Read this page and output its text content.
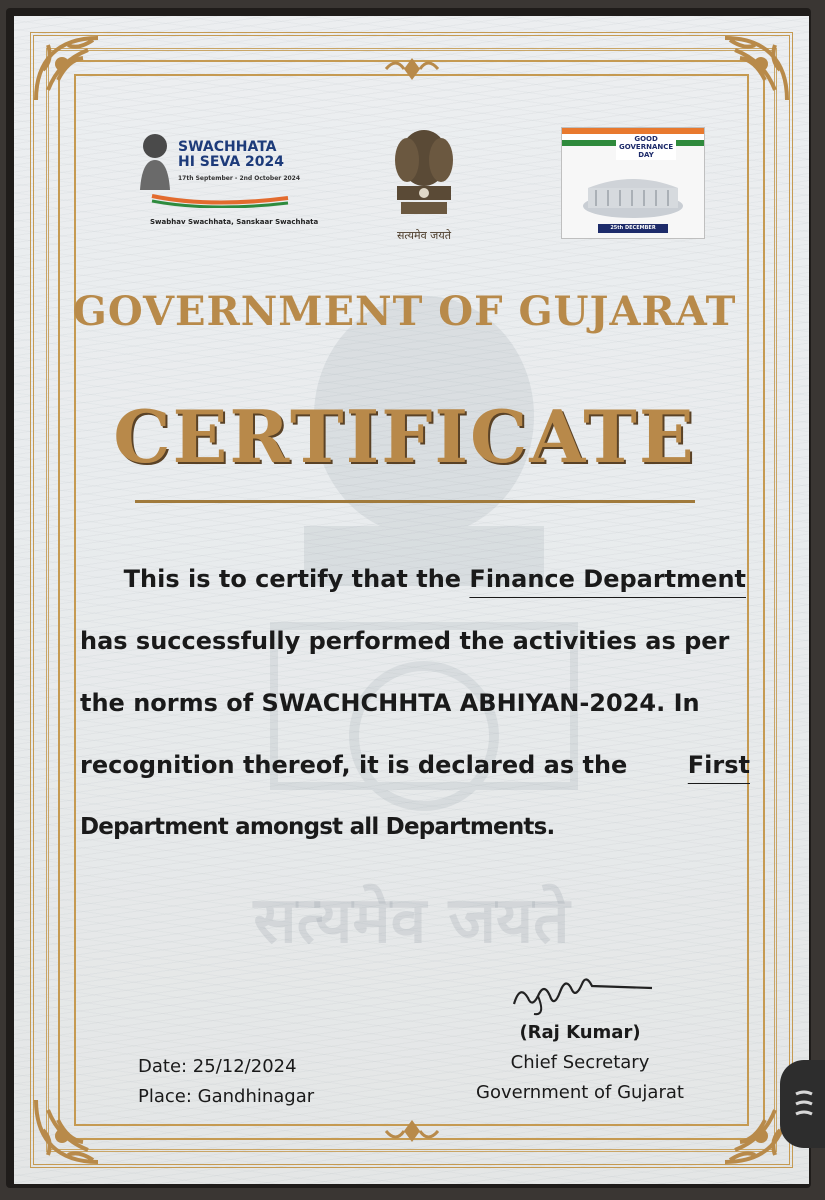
सत्यमेव जयते
SWACHHATA
HI SEVA 2024
17th September - 2nd October 2024
Swabhav Swachhata, Sanskaar Swachhata
सत्यमेव जयते
GOOD
GOVERNANCE
DAY
25th DECEMBER
GOVERNMENT OF GUJARAT
CERTIFICATE
This is to certify that the Finance Department
has successfully performed the activities as per
the norms of SWACHCHHTA ABHIYAN-2024. In
recognition thereof, it is declared as the	First
Department amongst all Departments.
(Raj Kumar)
Chief Secretary
Government of Gujarat
Date: 25/12/2024
Place: Gandhinagar
